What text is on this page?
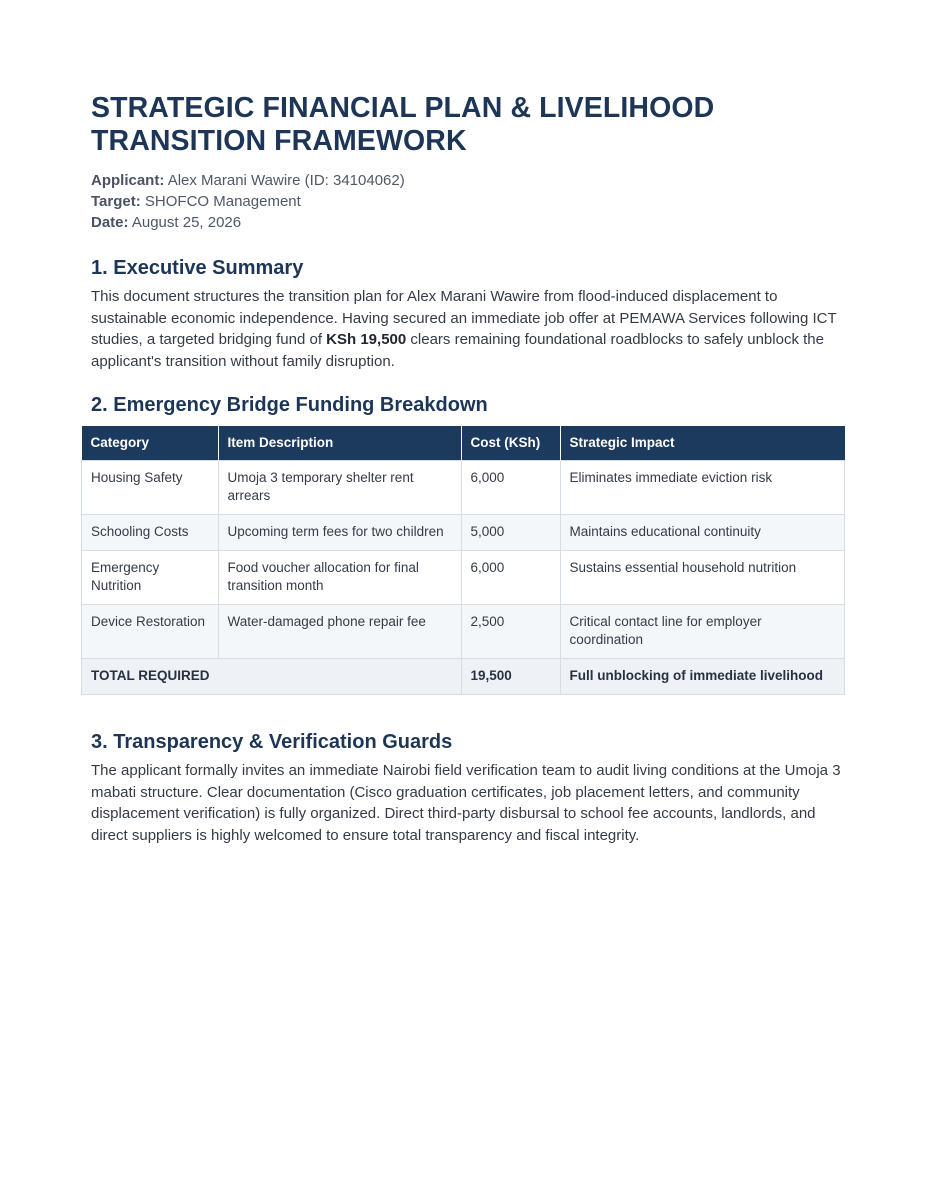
STRATEGIC FINANCIAL PLAN & LIVELIHOOD TRANSITION FRAMEWORK
Applicant: Alex Marani Wawire (ID: 34104062)
Target: SHOFCO Management
Date: August 25, 2026
1. Executive Summary

This document structures the transition plan for Alex Marani Wawire from flood-induced displacement to sustainable economic independence. Having secured an immediate job offer at PEMAWA Services following ICT studies, a targeted bridging fund of KSh 19,500 clears remaining foundational roadblocks to safely unblock the applicant's transition without family disruption.

2. Emergency Bridge Funding Breakdown
Category	Item Description	Cost (KSh)	Strategic Impact
Housing Safety	Umoja 3 temporary shelter rent arrears	6,000	Eliminates immediate eviction risk
Schooling Costs	Upcoming term fees for two children	5,000	Maintains educational continuity
Emergency Nutrition	Food voucher allocation for final transition month	6,000	Sustains essential household nutrition
Device Restoration	Water-damaged phone repair fee	2,500	Critical contact line for employer coordination
TOTAL REQUIRED		19,500	Full unblocking of immediate livelihood
3. Transparency & Verification Guards

The applicant formally invites an immediate Nairobi field verification team to audit living conditions at the Umoja 3 mabati structure. Clear documentation (Cisco graduation certificates, job placement letters, and community displacement verification) is fully organized. Direct third-party disbursal to school fee accounts, landlords, and direct suppliers is highly welcomed to ensure total transparency and fiscal integrity.
